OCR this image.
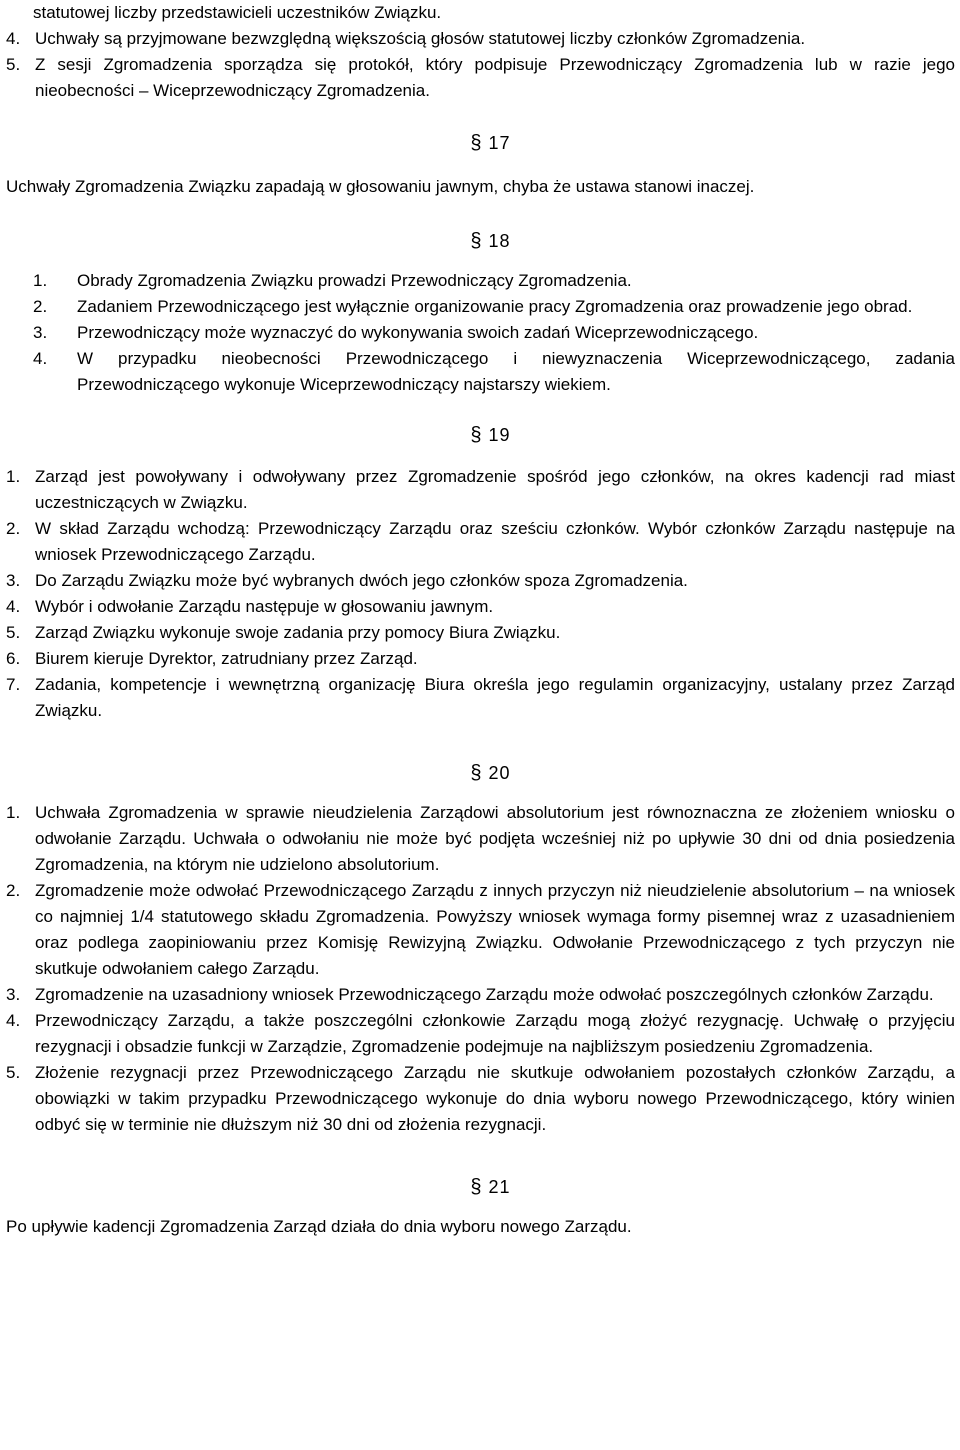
statutowej liczby przedstawicieli uczestników Związku.

4. Uchwały są przyjmowane bezwzględną większością głosów statutowej liczby członków Zgromadzenia.
5. Z sesji Zgromadzenia sporządza się protokół, który podpisuje Przewodniczący Zgromadzenia lub w razie jego nieobecności – Wiceprzewodniczący Zgromadzenia.
§ 17

Uchwały Zgromadzenia Związku zapadają w głosowaniu jawnym, chyba że ustawa stanowi inaczej.

§ 18
1.	Obrady Zgromadzenia Związku prowadzi Przewodniczący Zgromadzenia.
2.	Zadaniem Przewodniczącego jest wyłącznie organizowanie pracy Zgromadzenia oraz prowadzenie jego obrad.
3.	Przewodniczący może wyznaczyć do wykonywania swoich zadań Wiceprzewodniczącego.
4.	W przypadku nieobecności Przewodniczącego i niewyznaczenia Wiceprzewodniczącego, zadania Przewodniczącego wykonuje Wiceprzewodniczący najstarszy wiekiem.
§ 19
1. Zarząd jest powoływany i odwoływany przez Zgromadzenie spośród jego członków, na okres kadencji rad miast uczestniczących w Związku.
2. W skład Zarządu wchodzą: Przewodniczący Zarządu oraz sześciu członków. Wybór członków Zarządu następuje na wniosek Przewodniczącego Zarządu.
3. Do Zarządu Związku może być wybranych dwóch jego członków spoza Zgromadzenia.
4. Wybór i odwołanie Zarządu następuje w głosowaniu jawnym.
5. Zarząd Związku wykonuje swoje zadania przy pomocy Biura Związku.
6. Biurem kieruje Dyrektor, zatrudniany przez Zarząd.
7. Zadania, kompetencje i wewnętrzną organizację Biura określa jego regulamin organizacyjny, ustalany przez Zarząd Związku.
§ 20
1. Uchwała Zgromadzenia w sprawie nieudzielenia Zarządowi absolutorium jest równoznaczna ze złożeniem wniosku o odwołanie Zarządu. Uchwała o odwołaniu nie może być podjęta wcześniej niż po upływie 30 dni od dnia posiedzenia Zgromadzenia, na którym nie udzielono absolutorium.
2. Zgromadzenie może odwołać Przewodniczącego Zarządu z innych przyczyn niż nieudzielenie absolutorium – na wniosek co najmniej 1/4 statutowego składu Zgromadzenia. Powyższy wniosek wymaga formy pisemnej wraz z uzasadnieniem oraz podlega zaopiniowaniu przez Komisję Rewizyjną Związku. Odwołanie Przewodniczącego z tych przyczyn nie skutkuje odwołaniem całego Zarządu.
3. Zgromadzenie na uzasadniony wniosek Przewodniczącego Zarządu może odwołać poszczególnych członków Zarządu.
4. Przewodniczący Zarządu, a także poszczególni członkowie Zarządu mogą złożyć rezygnację. Uchwałę o przyjęciu rezygnacji i obsadzie funkcji w Zarządzie, Zgromadzenie podejmuje na najbliższym posiedzeniu Zgromadzenia.
5. Złożenie rezygnacji przez Przewodniczącego Zarządu nie skutkuje odwołaniem pozostałych członków Zarządu, a obowiązki w takim przypadku Przewodniczącego wykonuje do dnia wyboru nowego Przewodniczącego, który winien odbyć się w terminie nie dłuższym niż 30 dni od złożenia rezygnacji.
§ 21

Po upływie kadencji Zgromadzenia Zarząd działa do dnia wyboru nowego Zarządu.
